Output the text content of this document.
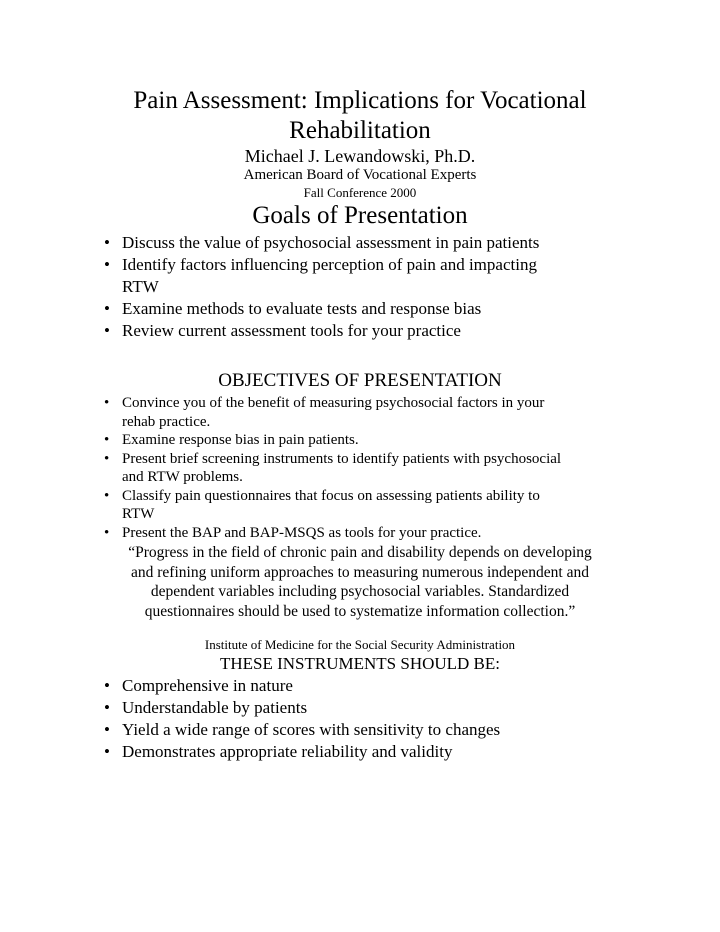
Pain Assessment: Implications for Vocational
Rehabilitation
Michael J. Lewandowski, Ph.D.
American Board of Vocational Experts
Fall Conference 2000
Goals of Presentation
• Discuss the value of psychosocial assessment in pain patients
• Identify factors influencing perception of pain and impacting
RTW
• Examine methods to evaluate tests and response bias
• Review current assessment tools for your practice
OBJECTIVES OF PRESENTATION
• Convince you of the benefit of measuring psychosocial factors in your
rehab practice.
• Examine response bias in pain patients.
• Present brief screening instruments to identify patients with psychosocial
and RTW problems.
• Classify pain questionnaires that focus on assessing patients ability to
RTW
• Present the BAP and BAP-MSQS as tools for your practice.
“Progress in the field of chronic pain and disability depends on developing
and refining uniform approaches to measuring numerous independent and
dependent variables including psychosocial variables. Standardized
questionnaires should be used to systematize information collection.”
Institute of Medicine for the Social Security Administration
THESE INSTRUMENTS SHOULD BE:
• Comprehensive in nature
• Understandable by patients
• Yield a wide range of scores with sensitivity to changes
• Demonstrates appropriate reliability and validity
